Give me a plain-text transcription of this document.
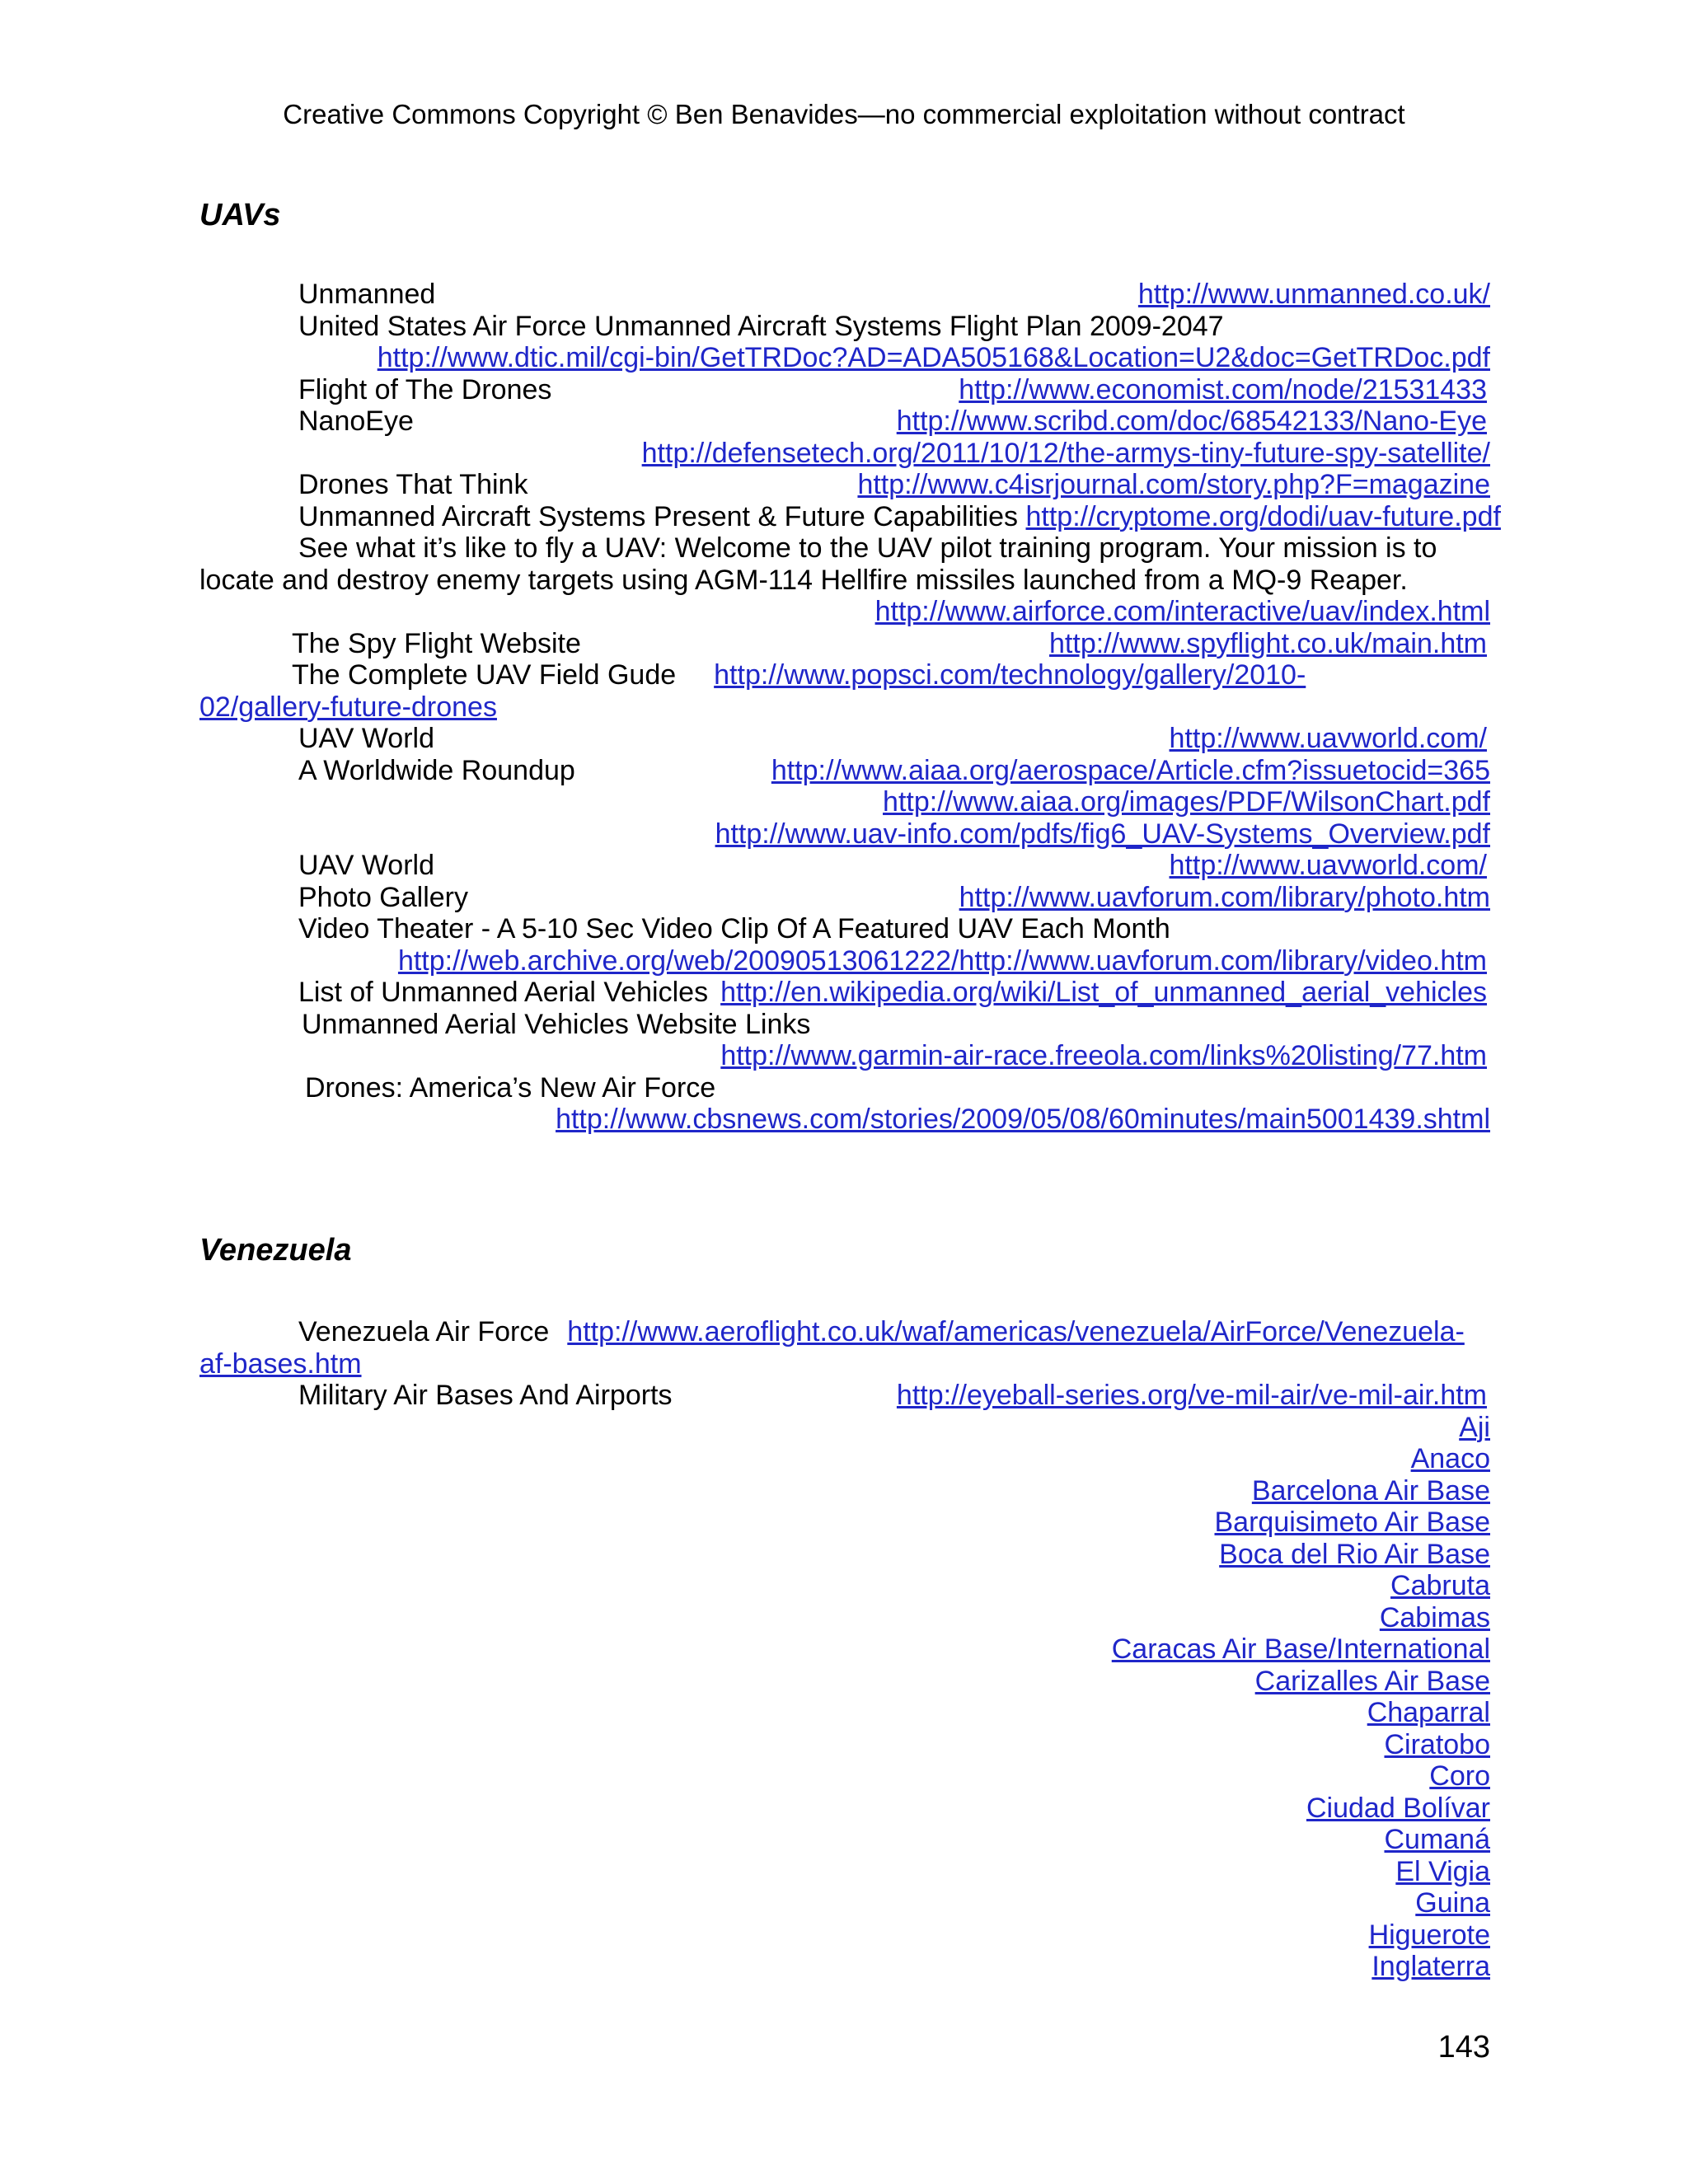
Creative Commons Copyright © Ben Benavides—no commercial exploitation without contract
UAVs
Unmanned	http://www.unmanned.co.uk/
United States Air Force Unmanned Aircraft Systems Flight Plan 2009-2047
http://www.dtic.mil/cgi-bin/GetTRDoc?AD=ADA505168&Location=U2&doc=GetTRDoc.pdf
Flight of The Drones	http://www.economist.com/node/21531433
NanoEye	http://www.scribd.com/doc/68542133/Nano-Eye
http://defensetech.org/2011/10/12/the-armys-tiny-future-spy-satellite/
Drones That Think	http://www.c4isrjournal.com/story.php?F=magazine
Unmanned Aircraft Systems Present & Future Capabilities http://cryptome.org/dodi/uav-future.pdf
See what it’s like to fly a UAV: Welcome to the UAV pilot training program. Your mission is to locate and destroy enemy targets using AGM-114 Hellfire missiles launched from a MQ-9 Reaper.
http://www.airforce.com/interactive/uav/index.html
The Spy Flight Website	http://www.spyflight.co.uk/main.htm
The Complete UAV Field Gude http://www.popsci.com/technology/gallery/2010-02/gallery-future-drones
UAV World	http://www.uavworld.com/
A Worldwide Roundup	http://www.aiaa.org/aerospace/Article.cfm?issuetocid=365
http://www.aiaa.org/images/PDF/WilsonChart.pdf
http://www.uav-info.com/pdfs/fig6_UAV-Systems_Overview.pdf
UAV World	http://www.uavworld.com/
Photo Gallery	http://www.uavforum.com/library/photo.htm
Video Theater - A 5-10 Sec Video Clip Of A Featured UAV Each Month
http://web.archive.org/web/20090513061222/http://www.uavforum.com/library/video.htm
List of Unmanned Aerial Vehicles http://en.wikipedia.org/wiki/List_of_unmanned_aerial_vehicles
Unmanned Aerial Vehicles Website Links
http://www.garmin-air-race.freeola.com/links%20listing/77.htm
Drones: America’s New Air Force
http://www.cbsnews.com/stories/2009/05/08/60minutes/main5001439.shtml
Venezuela
Venezuela Air Force http://www.aeroflight.co.uk/waf/americas/venezuela/AirForce/Venezuela-af-bases.htm
Military Air Bases And Airports	http://eyeball-series.org/ve-mil-air/ve-mil-air.htm
Aji
Anaco
Barcelona Air Base
Barquisimeto Air Base
Boca del Rio Air Base
Cabruta
Cabimas
Caracas Air Base/International
Carizalles Air Base
Chaparral
Ciratobo
Coro
Ciudad Bolívar
Cumaná
El Vigia
Guina
Higuerote
Inglaterra
143
